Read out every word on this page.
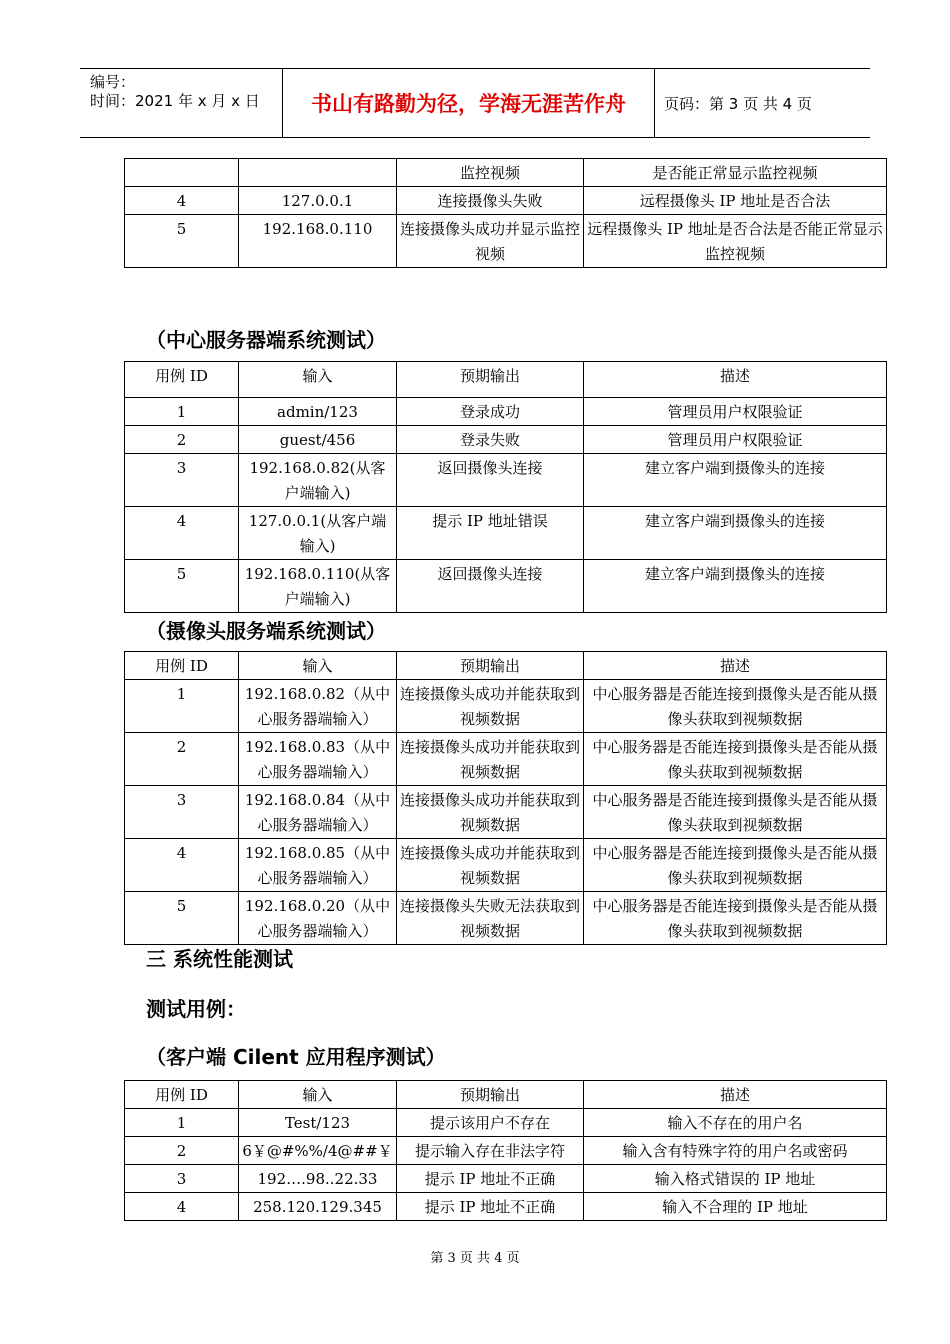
编号：
时间：2021 年 x 月 x 日	书山有路勤为径，学海无涯苦作舟	页码：第 3 页 共 4 页
		监控视频	是否能正常显示监控视频
4	127.0.0.1	连接摄像头失败	远程摄像头 IP 地址是否合法
5	192.168.0.110	连接摄像头成功并显示监控视频	远程摄像头 IP 地址是否合法是否能正常显示监控视频
（中心服务器端系统测试）
用例 ID	输入	预期输出	描述
1	admin/123	登录成功	管理员用户权限验证
2	guest/456	登录失败	管理员用户权限验证
3	192.168.0.82(从客户端输入)	返回摄像头连接	建立客户端到摄像头的连接
4	127.0.0.1(从客户端输入)	提示 IP 地址错误	建立客户端到摄像头的连接
5	192.168.0.110(从客户端输入)	返回摄像头连接	建立客户端到摄像头的连接
（摄像头服务端系统测试）
用例 ID	输入	预期输出	描述
1	192.168.0.82（从中心服务器端输入）	连接摄像头成功并能获取到视频数据	中心服务器是否能连接到摄像头是否能从摄像头获取到视频数据
2	192.168.0.83（从中心服务器端输入）	连接摄像头成功并能获取到视频数据	中心服务器是否能连接到摄像头是否能从摄像头获取到视频数据
3	192.168.0.84（从中心服务器端输入）	连接摄像头成功并能获取到视频数据	中心服务器是否能连接到摄像头是否能从摄像头获取到视频数据
4	192.168.0.85（从中心服务器端输入）	连接摄像头成功并能获取到视频数据	中心服务器是否能连接到摄像头是否能从摄像头获取到视频数据
5	192.168.0.20（从中心服务器端输入）	连接摄像头失败无法获取到视频数据	中心服务器是否能连接到摄像头是否能从摄像头获取到视频数据
三 系统性能测试
测试用例：
（客户端 Cilent 应用程序测试）
用例 ID	输入	预期输出	描述
1	Test/123	提示该用户不存在	输入不存在的用户名
2	6￥@#%%/4@##￥	提示输入存在非法字符	输入含有特殊字符的用户名或密码
3	192….98..22.33	提示 IP 地址不正确	输入格式错误的 IP 地址
4	258.120.129.345	提示 IP 地址不正确	输入不合理的 IP 地址
第 3 页 共 4 页
